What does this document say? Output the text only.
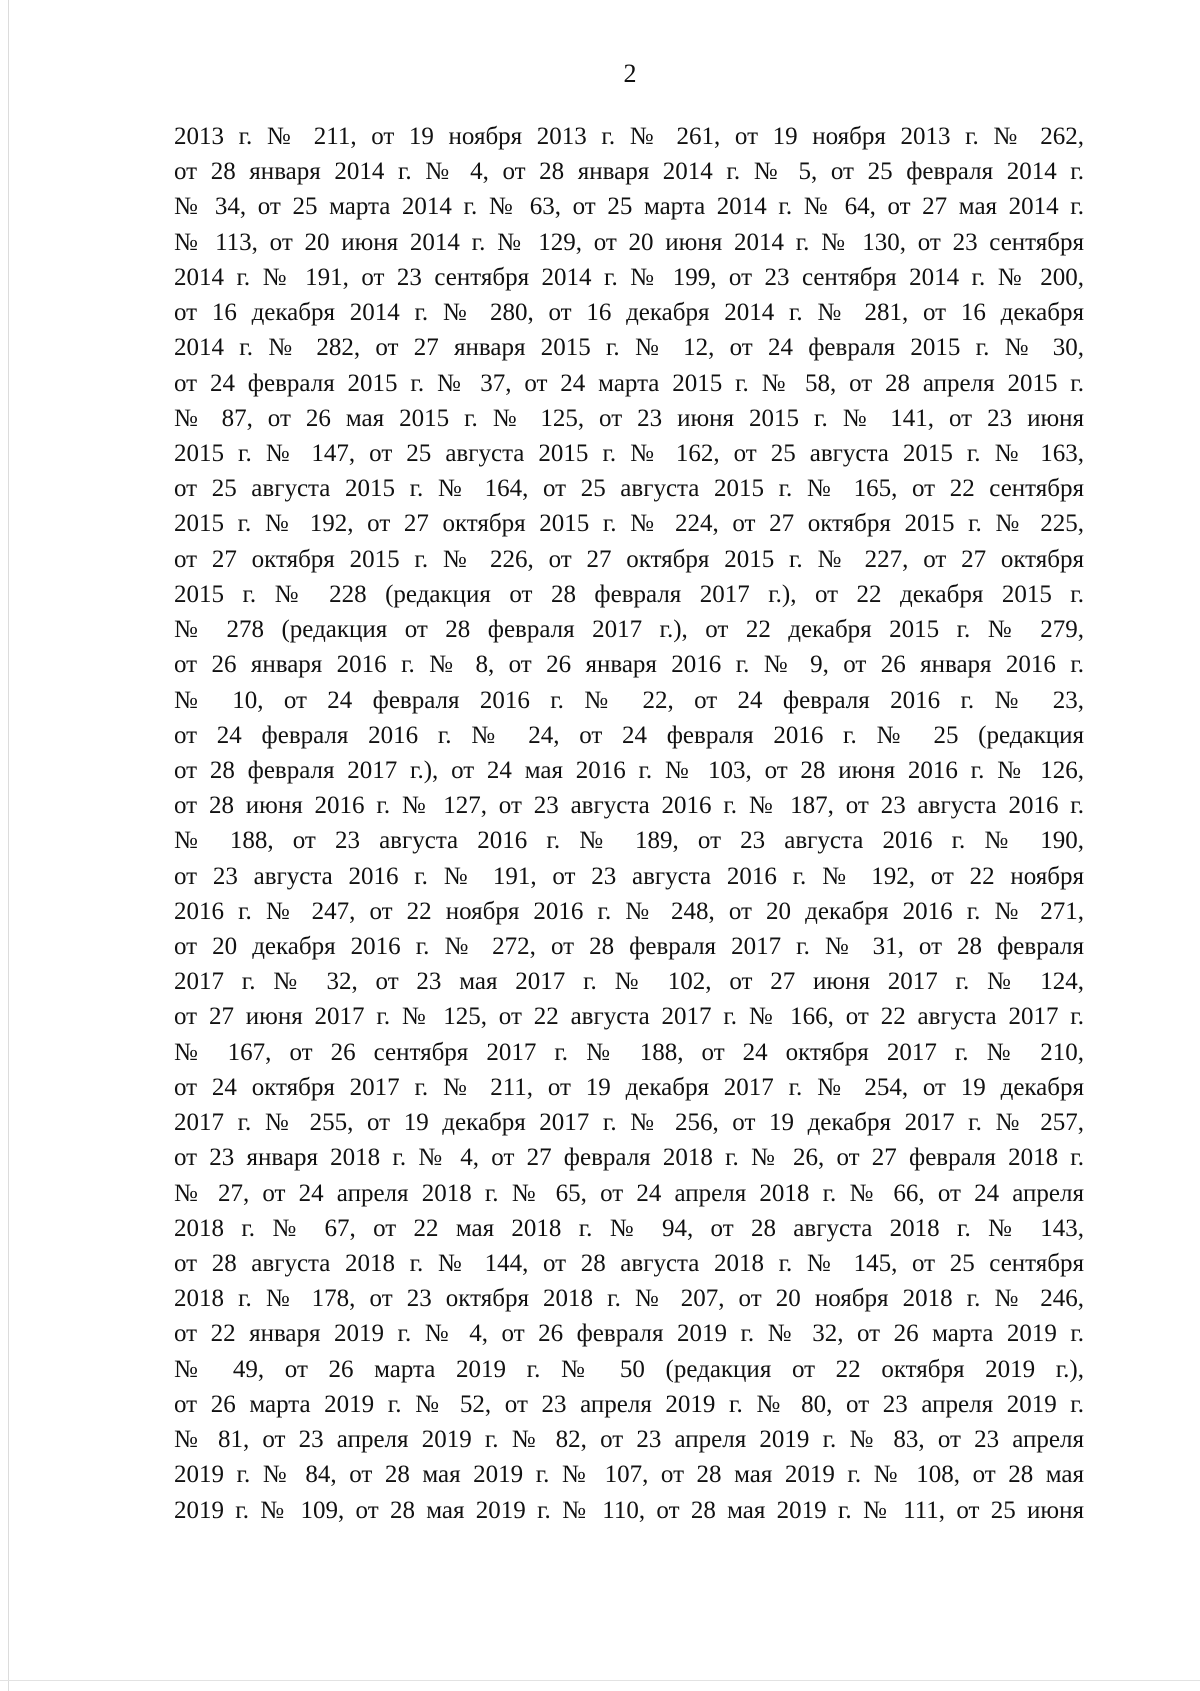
2
2013 г. № 211, от 19 ноября 2013 г. № 261, от 19 ноября 2013 г. № 262,
от 28 января 2014 г. № 4, от 28 января 2014 г. № 5, от 25 февраля 2014 г.
№ 34, от 25 марта 2014 г. № 63, от 25 марта 2014 г. № 64, от 27 мая 2014 г.
№ 113, от 20 июня 2014 г. № 129, от 20 июня 2014 г. № 130, от 23 сентября
2014 г. № 191, от 23 сентября 2014 г. № 199, от 23 сентября 2014 г. № 200,
от 16 декабря 2014 г. № 280, от 16 декабря 2014 г. № 281, от 16 декабря
2014 г. № 282, от 27 января 2015 г. № 12, от 24 февраля 2015 г. № 30,
от 24 февраля 2015 г. № 37, от 24 марта 2015 г. № 58, от 28 апреля 2015 г.
№ 87, от 26 мая 2015 г. № 125, от 23 июня 2015 г. № 141, от 23 июня
2015 г. № 147, от 25 августа 2015 г. № 162, от 25 августа 2015 г. № 163,
от 25 августа 2015 г. № 164, от 25 августа 2015 г. № 165, от 22 сентября
2015 г. № 192, от 27 октября 2015 г. № 224, от 27 октября 2015 г. № 225,
от 27 октября 2015 г. № 226, от 27 октября 2015 г. № 227, от 27 октября
2015 г. № 228 (редакция от 28 февраля 2017 г.), от 22 декабря 2015 г.
№ 278 (редакция от 28 февраля 2017 г.), от 22 декабря 2015 г. № 279,
от 26 января 2016 г. № 8, от 26 января 2016 г. № 9, от 26 января 2016 г.
№ 10, от 24 февраля 2016 г. № 22, от 24 февраля 2016 г. № 23,
от 24 февраля 2016 г. № 24, от 24 февраля 2016 г. № 25 (редакция
от 28 февраля 2017 г.), от 24 мая 2016 г. № 103, от 28 июня 2016 г. № 126,
от 28 июня 2016 г. № 127, от 23 августа 2016 г. № 187, от 23 августа 2016 г.
№ 188, от 23 августа 2016 г. № 189, от 23 августа 2016 г. № 190,
от 23 августа 2016 г. № 191, от 23 августа 2016 г. № 192, от 22 ноября
2016 г. № 247, от 22 ноября 2016 г. № 248, от 20 декабря 2016 г. № 271,
от 20 декабря 2016 г. № 272, от 28 февраля 2017 г. № 31, от 28 февраля
2017 г. № 32, от 23 мая 2017 г. № 102, от 27 июня 2017 г. № 124,
от 27 июня 2017 г. № 125, от 22 августа 2017 г. № 166, от 22 августа 2017 г.
№ 167, от 26 сентября 2017 г. № 188, от 24 октября 2017 г. № 210,
от 24 октября 2017 г. № 211, от 19 декабря 2017 г. № 254, от 19 декабря
2017 г. № 255, от 19 декабря 2017 г. № 256, от 19 декабря 2017 г. № 257,
от 23 января 2018 г. № 4, от 27 февраля 2018 г. № 26, от 27 февраля 2018 г.
№ 27, от 24 апреля 2018 г. № 65, от 24 апреля 2018 г. № 66, от 24 апреля
2018 г. № 67, от 22 мая 2018 г. № 94, от 28 августа 2018 г. № 143,
от 28 августа 2018 г. № 144, от 28 августа 2018 г. № 145, от 25 сентября
2018 г. № 178, от 23 октября 2018 г. № 207, от 20 ноября 2018 г. № 246,
от 22 января 2019 г. № 4, от 26 февраля 2019 г. № 32, от 26 марта 2019 г.
№ 49, от 26 марта 2019 г. № 50 (редакция от 22 октября 2019 г.),
от 26 марта 2019 г. № 52, от 23 апреля 2019 г. № 80, от 23 апреля 2019 г.
№ 81, от 23 апреля 2019 г. № 82, от 23 апреля 2019 г. № 83, от 23 апреля
2019 г. № 84, от 28 мая 2019 г. № 107, от 28 мая 2019 г. № 108, от 28 мая
2019 г. № 109, от 28 мая 2019 г. № 110, от 28 мая 2019 г. № 111, от 25 июня
